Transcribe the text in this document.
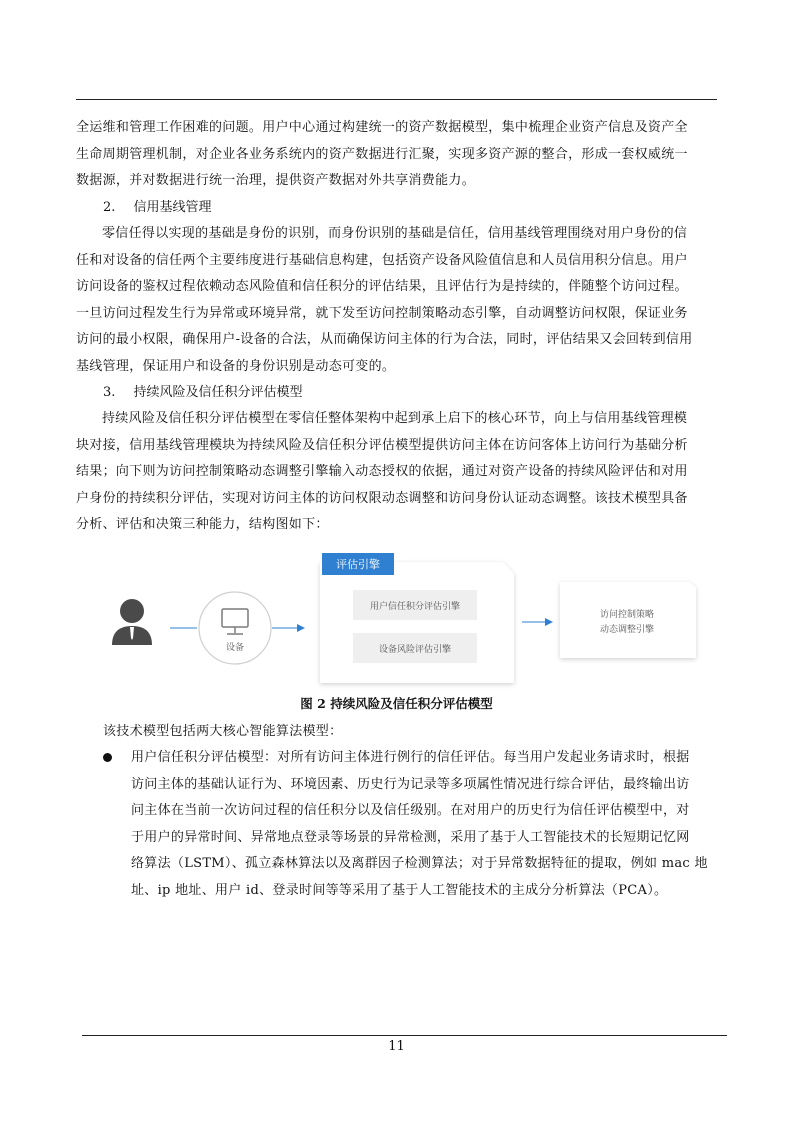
全运维和管理工作困难的问题。用户中心通过构建统一的资产数据模型，集中梳理企业资产信息及资产全
生命周期管理机制，对企业各业务系统内的资产数据进行汇聚，实现多资产源的整合，形成一套权威统一
数据源，并对数据进行统一治理，提供资产数据对外共享消费能力。
2. 信用基线管理
零信任得以实现的基础是身份的识别，而身份识别的基础是信任，信用基线管理围绕对用户身份的信
任和对设备的信任两个主要纬度进行基础信息构建，包括资产设备风险值信息和人员信用积分信息。用户
访问设备的鉴权过程依赖动态风险值和信任积分的评估结果，且评估行为是持续的，伴随整个访问过程。
一旦访问过程发生行为异常或环境异常，就下发至访问控制策略动态引擎，自动调整访问权限，保证业务
访问的最小权限，确保用户-设备的合法，从而确保访问主体的行为合法，同时，评估结果又会回转到信用
基线管理，保证用户和设备的身份识别是动态可变的。
3. 持续风险及信任积分评估模型
持续风险及信任积分评估模型在零信任整体架构中起到承上启下的核心环节，向上与信用基线管理模
块对接，信用基线管理模块为持续风险及信任积分评估模型提供访问主体在访问客体上访问行为基础分析
结果；向下则为访问控制策略动态调整引擎输入动态授权的依据，通过对资产设备的持续风险评估和对用
户身份的持续积分评估，实现对访问主体的访问权限动态调整和访问身份认证动态调整。该技术模型具备
分析、评估和决策三种能力，结构图如下：
设备
评估引擎
用户信任积分评估引擎
设备风险评估引擎
访问控制策略
动态调整引擎
图 2 持续风险及信任积分评估模型
该技术模型包括两大核心智能算法模型：
用户信任积分评估模型：对所有访问主体进行例行的信任评估。每当用户发起业务请求时，根据
访问主体的基础认证行为、环境因素、历史行为记录等多项属性情况进行综合评估，最终输出访
问主体在当前一次访问过程的信任积分以及信任级别。在对用户的历史行为信任评估模型中，对
于用户的异常时间、异常地点登录等场景的异常检测，采用了基于人工智能技术的长短期记忆网
络算法（LSTM）、孤立森林算法以及离群因子检测算法；对于异常数据特征的提取，例如 mac 地
址、ip 地址、用户 id、登录时间等等采用了基于人工智能技术的主成分分析算法（PCA）。
11
